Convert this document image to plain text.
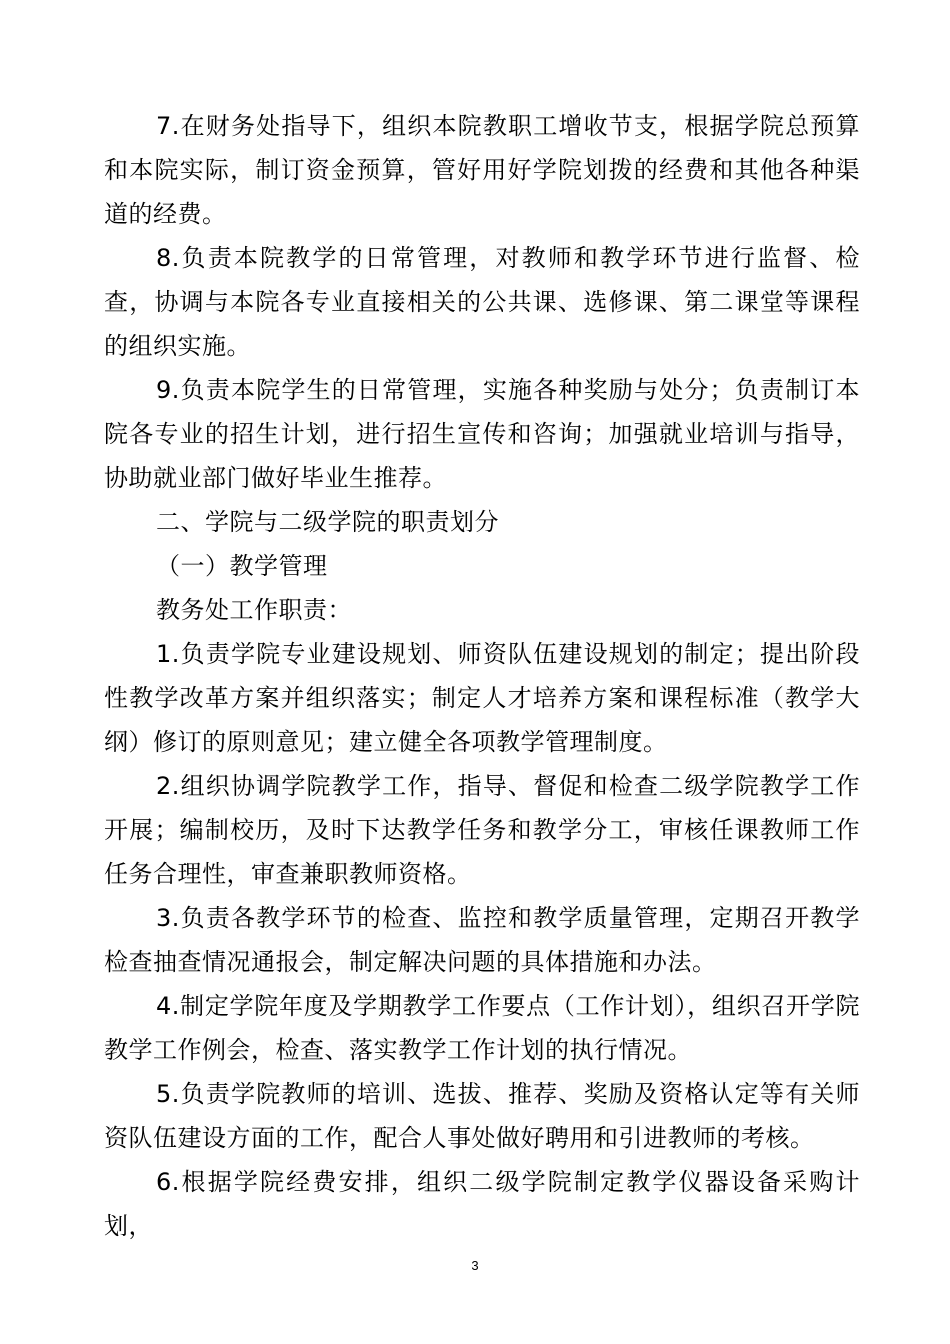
7.在财务处指导下，组织本院教职工增收节支，根据学院总预算和本院实际，制订资金预算，管好用好学院划拨的经费和其他各种渠道的经费。

8.负责本院教学的日常管理，对教师和教学环节进行监督、检查，协调与本院各专业直接相关的公共课、选修课、第二课堂等课程的组织实施。

9.负责本院学生的日常管理，实施各种奖励与处分；负责制订本院各专业的招生计划，进行招生宣传和咨询；加强就业培训与指导，协助就业部门做好毕业生推荐。

二、学院与二级学院的职责划分

（一）教学管理

教务处工作职责：

1.负责学院专业建设规划、师资队伍建设规划的制定；提出阶段性教学改革方案并组织落实；制定人才培养方案和课程标准（教学大纲）修订的原则意见；建立健全各项教学管理制度。

2.组织协调学院教学工作，指导、督促和检查二级学院教学工作开展；编制校历，及时下达教学任务和教学分工，审核任课教师工作任务合理性，审查兼职教师资格。

3.负责各教学环节的检查、监控和教学质量管理，定期召开教学检查抽查情况通报会，制定解决问题的具体措施和办法。

4.制定学院年度及学期教学工作要点（工作计划），组织召开学院教学工作例会，检查、落实教学工作计划的执行情况。

5.负责学院教师的培训、选拔、推荐、奖励及资格认定等有关师资队伍建设方面的工作，配合人事处做好聘用和引进教师的考核。

6.根据学院经费安排，组织二级学院制定教学仪器设备采购计划，

3
